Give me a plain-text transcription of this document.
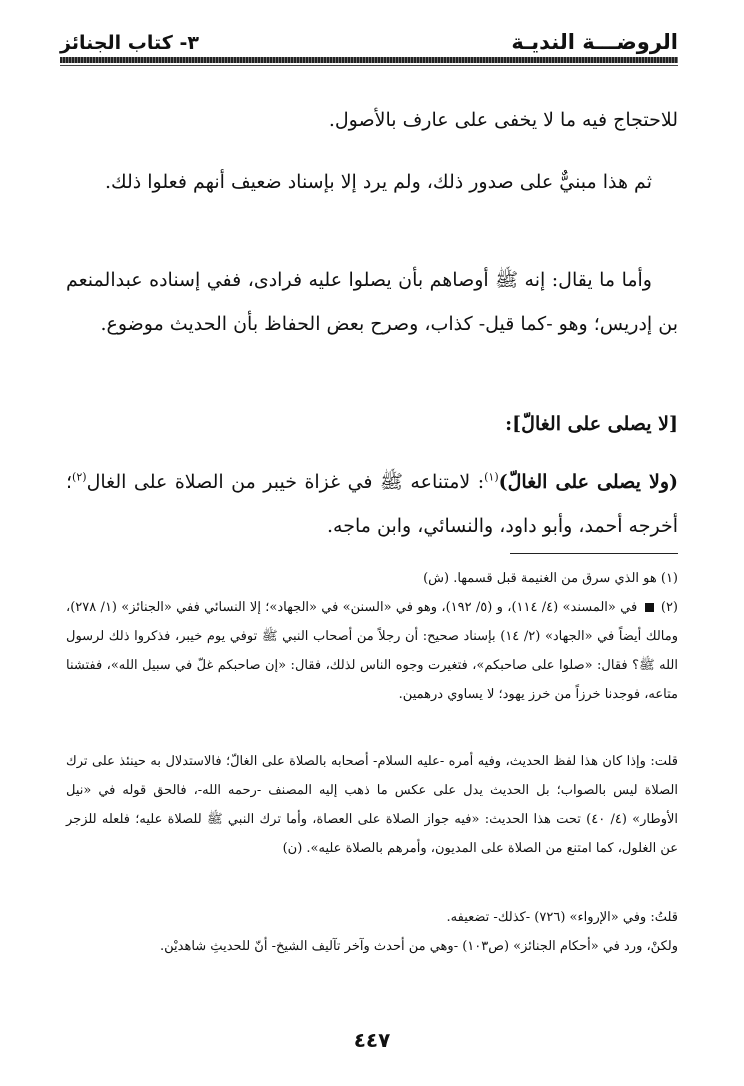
الروضـــة النديـة
٣- كتاب الجنائز

للاحتجاج فيه ما لا يخفى على عارف بالأصول.

ثم هذا مبنيٌّ على صدور ذلك، ولم يرد إلا بإسناد ضعيف أنهم فعلوا ذلك.

وأما ما يقال: إنه ﷺ أوصاهم بأن يصلوا عليه فرادى، ففي إسناده عبدالمنعم بن إدريس؛ وهو -كما قيل- كذاب، وصرح بعض الحفاظ بأن الحديث موضوع.

[لا يصلى على الغالّ]:

(ولا يصلى على الغالّ)$^{(١)}$: لامتناعه ﷺ في غزاة خيبر من الصلاة على الغال$^{(٢)}$؛ أخرجه أحمد، وأبو داود، والنسائي، وابن ماجه.

(١) هو الذي سرق من الغنيمة قبل قسمها. (ش)

(٢)  في «المسند» (٤/ ١١٤)، و (٥/ ١٩٢)، وهو في «السنن» في «الجهاد»؛ إلا النسائي ففي «الجنائز» (١/ ٢٧٨)، ومالك أيضاً في «الجهاد» (٢/ ١٤) بإسناد صحيح: أن رجلاً من أصحاب النبي ﷺ توفي يوم خيبر، فذكروا ذلك لرسول الله ﷺ؟ فقال: «صلوا على صاحبكم»، فتغيرت وجوه الناس لذلك، فقال: «إن صاحبكم غلّ في سبيل الله»، ففتشنا متاعه، فوجدنا خرزاً من خرز يهود؛ لا يساوي درهمين.

قلت: وإذا كان هذا لفظ الحديث، وفيه أمره -عليه السلام- أصحابه بالصلاة على الغالّ؛ فالاستدلال به حينئذ على ترك الصلاة ليس بالصواب؛ بل الحديث يدل على عكس ما ذهب إليه المصنف -رحمه الله-، فالحق قوله في «نيل الأوطار» (٤/ ٤٠) تحت هذا الحديث: «فيه جواز الصلاة على العصاة، وأما ترك النبي ﷺ للصلاة عليه؛ فلعله للزجر عن الغلول، كما امتنع من الصلاة على المديون، وأمرهم بالصلاة عليه». (ن)

قلتُ: وفي «الإرواء» (٧٢٦) -كذلك- تضعيفه.

ولكنْ، ورد في «أحكام الجنائز» (ص١٠٣) -وهي من أحدث وآخر تآليف الشيخ- أنّ للحديثِ شاهديْن.

٤٤٧
